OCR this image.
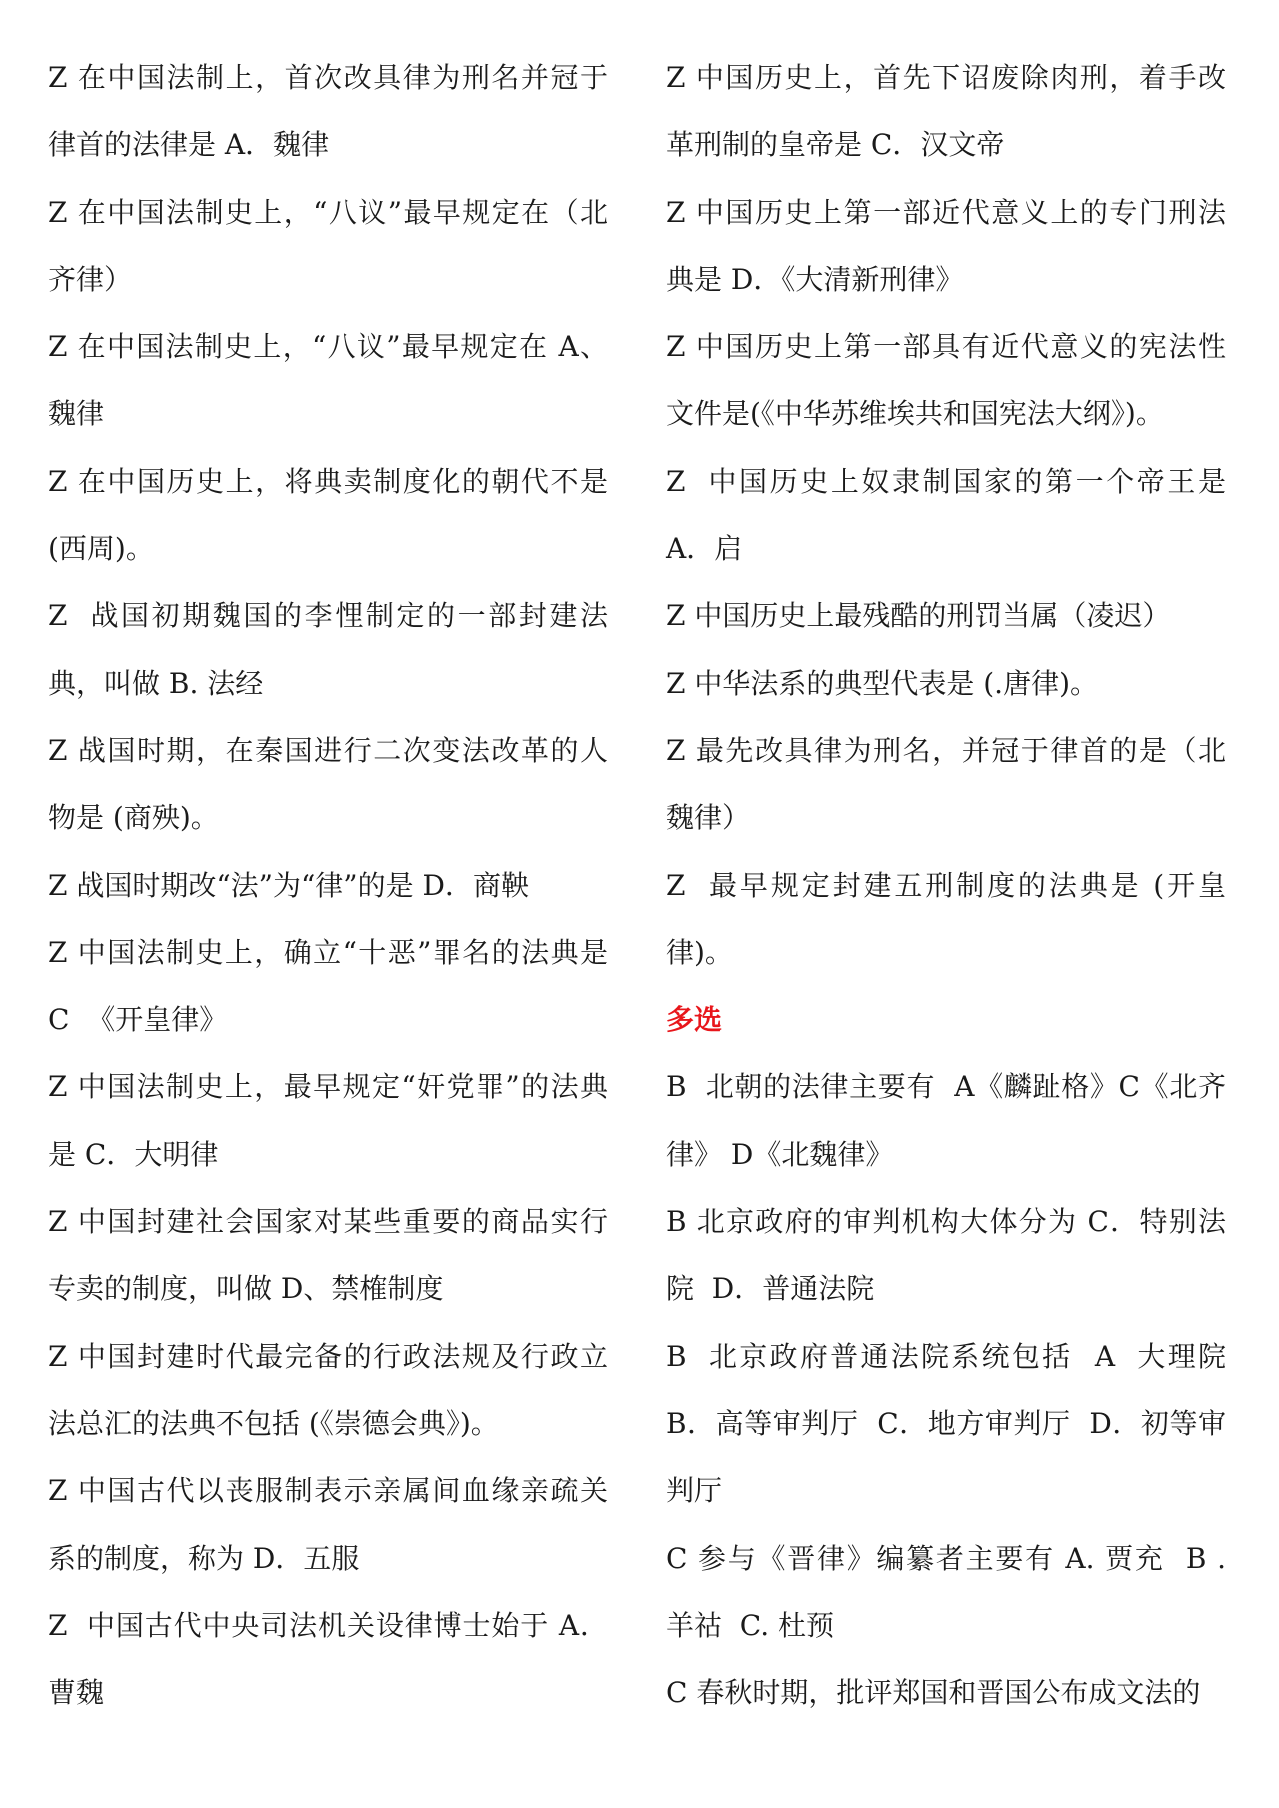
Z 在中国法制上，首次改具律为刑名并冠于律首的法律是 A．魏律

Z 在中国法制史上，“八议”最早规定在（北齐律）

Z 在中国法制史上，“八议”最早规定在 A、魏律

Z 在中国历史上，将典卖制度化的朝代不是(西周)。

Z  战国初期魏国的李悝制定的一部封建法典，叫做 B. 法经

Z 战国时期，在秦国进行二次变法改革的人物是 (商殃)。

Z 战国时期改“法”为“律”的是 D．商鞅

Z 中国法制史上，确立“十恶”罪名的法典是 C  《开皇律》

Z 中国法制史上，最早规定“奸党罪”的法典是 C．大明律

Z 中国封建社会国家对某些重要的商品实行专卖的制度，叫做 D、禁榷制度

Z 中国封建时代最完备的行政法规及行政立法总汇的法典不包括 (《崇德会典》)。

Z 中国古代以丧服制表示亲属间血缘亲疏关系的制度，称为 D．五服

Z  中国古代中央司法机关设律博士始于 A．曹魏

Z 中国历史上，首先下诏废除肉刑，着手改革刑制的皇帝是 C．汉文帝

Z 中国历史上第一部近代意义上的专门刑法典是 D．《大清新刑律》

Z 中国历史上第一部具有近代意义的宪法性文件是(《中华苏维埃共和国宪法大纲》)。

Z  中国历史上奴隶制国家的第一个帝王是 A．启

Z 中国历史上最残酷的刑罚当属（凌迟）

Z 中华法系的典型代表是 (.唐律)。

Z 最先改具律为刑名，并冠于律首的是（北魏律）

Z  最早规定封建五刑制度的法典是 (开皇律)。

多选

B  北朝的法律主要有  A《麟趾格》C《北齐律》 D《北魏律》

B 北京政府的审判机构大体分为 C．特别法院  D．普通法院

B  北京政府普通法院系统包括  A  大理院 B．高等审判厅  C．地方审判厅  D．初等审判厅

C 参与《晋律》编纂者主要有 A. 贾充  B . 羊祜  C. 杜预

C 春秋时期，批评郑国和晋国公布成文法的
